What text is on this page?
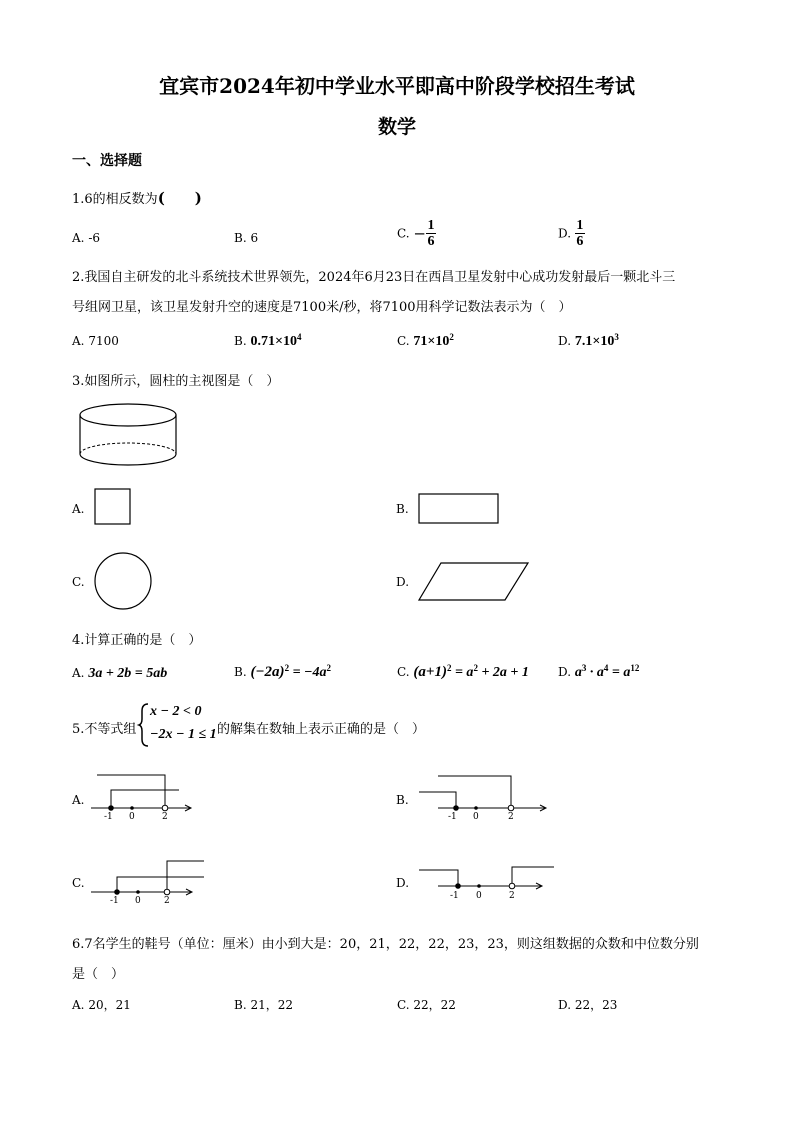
宜宾市2024年初中学业水平即高中阶段学校招生考试
数学
一、选择题
1.6的相反数为(　　)
A. -6	B. 6	C. − $\frac{1}{6}$	D. $\frac{1}{6}$
2.我国自主研发的北斗系统技术世界领先，2024年6月23日在西昌卫星发射中心成功发射最后一颗北斗三
号组网卫星，该卫星发射升空的速度是7100米/秒，将7100用科学记数法表示为（　）
A. 7100	B. $0.71\times 10^4$	C. $71\times 10^2$	D. $7.1\times 10^3$
3.如图所示，圆柱的主视图是（　）
A.	B.
C.	D.
4.计算正确的是（　）
A. 3a + 2b = 5ab	B. $(-2a)^2 = -4a^2$	C. $(a+1)^2 = a^2 + 2a + 1$ D. $a^3 \cdot a^4 = a^{12}$
5.不等式组
x − 2 < 0
−2x − 1 ≤ 1 的解集在数轴上表示正确的是（　）
A.
-1 0	2
B.
-1 0	2
C.
-1 0	2
D.
-1 0	2
6.7名学生的鞋号（单位：厘米）由小到大是：20，21，22，22，23，23，则这组数据的众数和中位数分别
是（　）
A. 20，21	B. 21，22	C. 22，22	D. 22，23
